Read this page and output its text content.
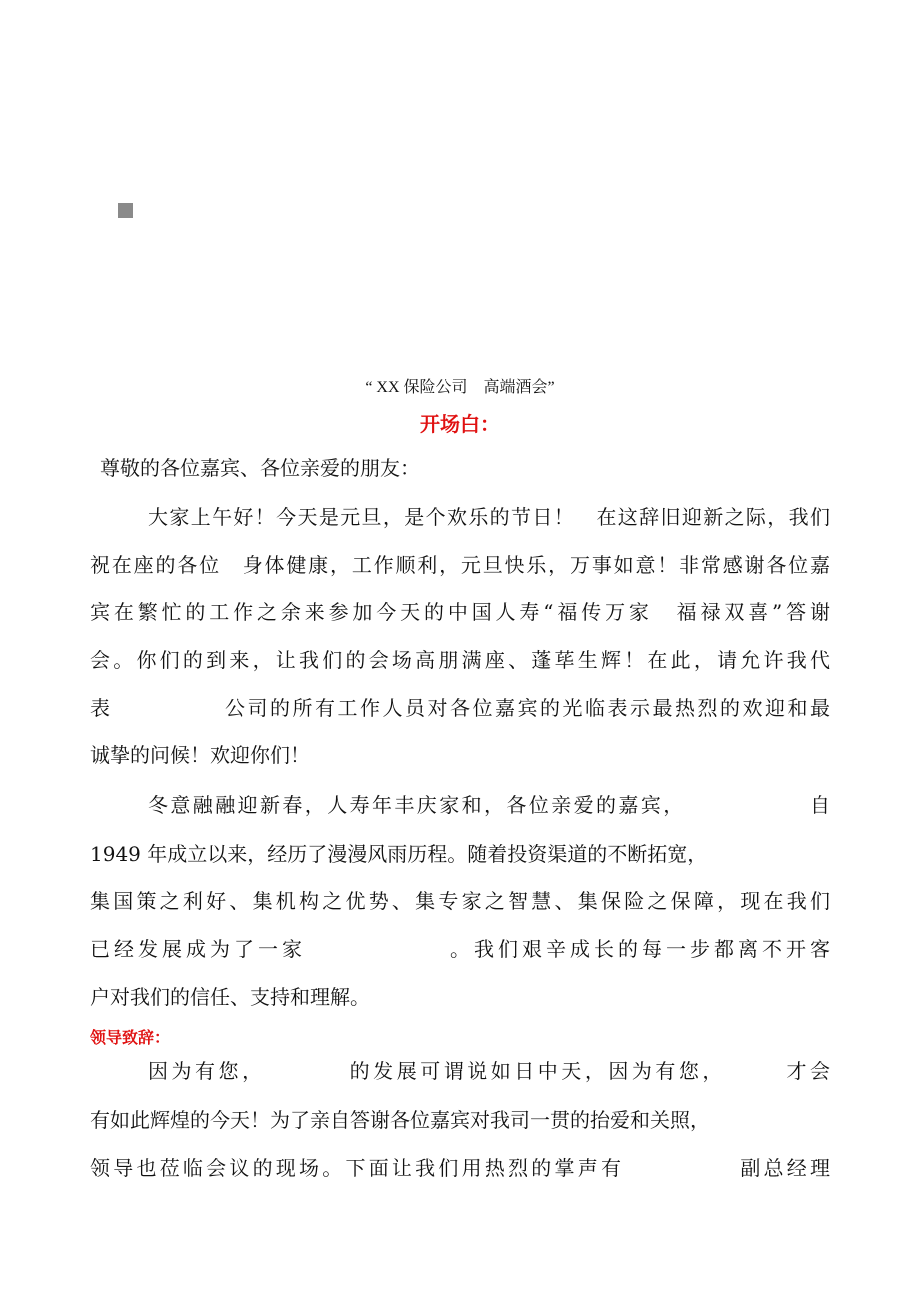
“ XX 保险公司　高端酒会”
开场白：
尊敬的各位嘉宾、各位亲爱的朋友：
大家上午好！今天是元旦，是个欢乐的节日！　在这辞旧迎新之际，我们
祝在座的各位　身体健康，工作顺利，元旦快乐，万事如意！非常感谢各位嘉
宾在繁忙的工作之余来参加今天的中国人寿“福传万家　福禄双喜”答谢
会。你们的到来，让我们的会场高朋满座、蓬荜生辉！在此，请允许我代
表　　　　　公司的所有工作人员对各位嘉宾的光临表示最热烈的欢迎和最
诚挚的问候！欢迎你们！
冬意融融迎新春，人寿年丰庆家和，各位亲爱的嘉宾，　　　　　　自
1949 年成立以来，经历了漫漫风雨历程。随着投资渠道的不断拓宽，
集国策之利好、集机构之优势、集专家之智慧、集保险之保障，现在我们
已经发展成为了一家　　　　　　。我们艰辛成长的每一步都离不开客
户对我们的信任、支持和理解。
领导致辞：
因为有您，　　　　的发展可谓说如日中天，因为有您，　　　才会
有如此辉煌的今天！为了亲自答谢各位嘉宾对我司一贯的抬爱和关照，
领导也莅临会议的现场。下面让我们用热烈的掌声有　　　　　副总经理
